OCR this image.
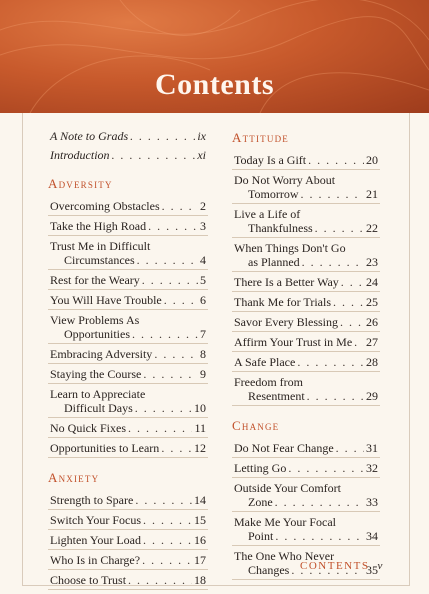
Contents
A Note to Grads . . .	ix
Introduction . . .	xi
Adversity
Overcoming Obstacles . . .	2
Take the High Road . . .	3
Trust Me in Difficult
Circumstances . . .	4
Rest for the Weary . . .	5
You Will Have Trouble . . .	6
View Problems As
Opportunities . . .	7
Embracing Adversity . . .	8
Staying the Course . . .	9
Learn to Appreciate
Difficult Days . . .	10
No Quick Fixes . . .	11
Opportunities to Learn . . .	12
Anxiety
Strength to Spare . . .	14
Switch Your Focus . . .	15
Lighten Your Load . . .	16
Who Is in Charge? . . .	17
Choose to Trust . . .	18
Attitude
Today Is a Gift . . .	20
Do Not Worry About
Tomorrow . . .	21
Live a Life of
Thankfulness . . .	22
When Things Don't Go
as Planned . . .	23
There Is a Better Way . . . 24
Thank Me for Trials . . .	25
Savor Every Blessing . . . 26
Affirm Your Trust in Me . . . 27
A Safe Place . . .	28
Freedom from
Resentment . . .	29
Change
Do Not Fear Change . . .	31
Letting Go . . .	32
Outside Your Comfort
Zone . . .	33
Make Me Your Focal
Point . . .	34
The One Who Never
Changes . . .	35
CONTENTS v
